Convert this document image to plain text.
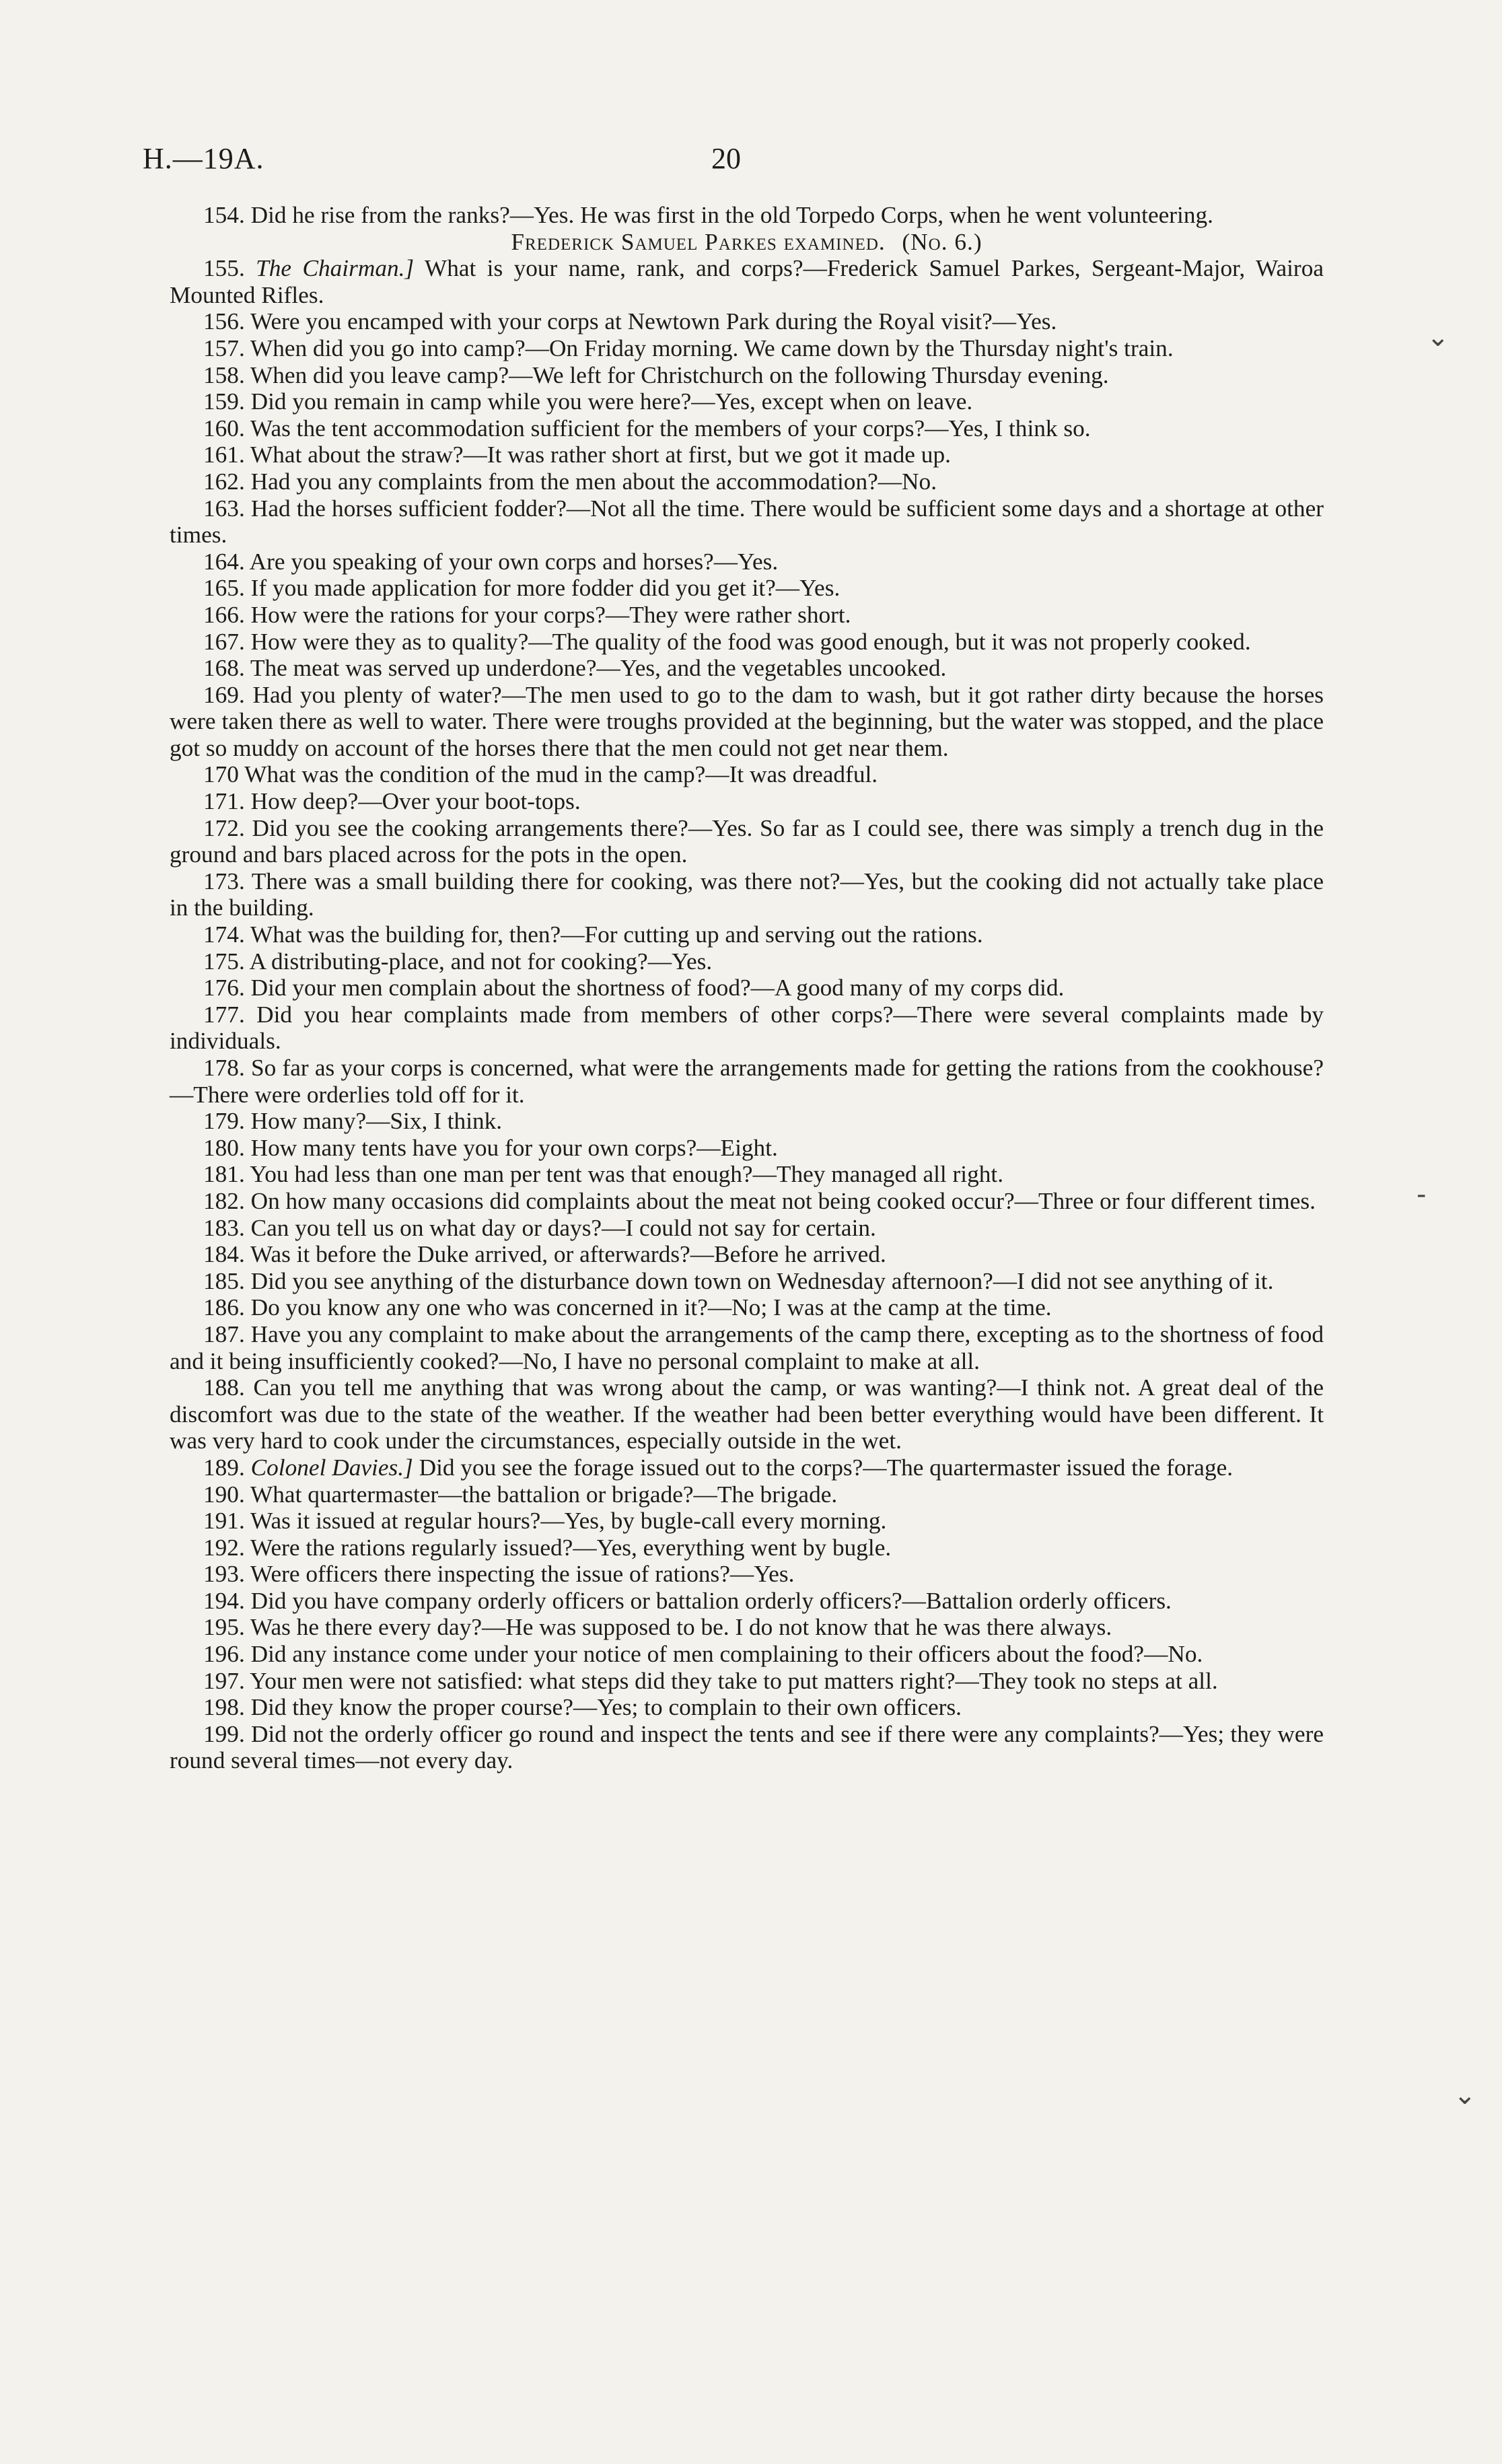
H.—19A.	20

154. Did he rise from the ranks?—Yes. He was first in the old Torpedo Corps, when he went volunteering.

Frederick Samuel Parkes examined. (No. 6.)

155. The Chairman.] What is your name, rank, and corps?—Frederick Samuel Parkes, Sergeant-Major, Wairoa Mounted Rifles.

156. Were you encamped with your corps at Newtown Park during the Royal visit?—Yes.

157. When did you go into camp?—On Friday morning. We came down by the Thursday night's train.

158. When did you leave camp?—We left for Christchurch on the following Thursday evening.

159. Did you remain in camp while you were here?—Yes, except when on leave.

160. Was the tent accommodation sufficient for the members of your corps?—Yes, I think so.

161. What about the straw?—It was rather short at first, but we got it made up.

162. Had you any complaints from the men about the accommodation?—No.

163. Had the horses sufficient fodder?—Not all the time. There would be sufficient some days and a shortage at other times.

164. Are you speaking of your own corps and horses?—Yes.

165. If you made application for more fodder did you get it?—Yes.

166. How were the rations for your corps?—They were rather short.

167. How were they as to quality?—The quality of the food was good enough, but it was not properly cooked.

168. The meat was served up underdone?—Yes, and the vegetables uncooked.

169. Had you plenty of water?—The men used to go to the dam to wash, but it got rather dirty because the horses were taken there as well to water. There were troughs provided at the beginning, but the water was stopped, and the place got so muddy on account of the horses there that the men could not get near them.

170 What was the condition of the mud in the camp?—It was dreadful.

171. How deep?—Over your boot-tops.

172. Did you see the cooking arrangements there?—Yes. So far as I could see, there was simply a trench dug in the ground and bars placed across for the pots in the open.

173. There was a small building there for cooking, was there not?—Yes, but the cooking did not actually take place in the building.

174. What was the building for, then?—For cutting up and serving out the rations.

175. A distributing-place, and not for cooking?—Yes.

176. Did your men complain about the shortness of food?—A good many of my corps did.

177. Did you hear complaints made from members of other corps?—There were several complaints made by individuals.

178. So far as your corps is concerned, what were the arrangements made for getting the rations from the cookhouse?—There were orderlies told off for it.

179. How many?—Six, I think.

180. How many tents have you for your own corps?—Eight.

181. You had less than one man per tent was that enough?—They managed all right.

182. On how many occasions did complaints about the meat not being cooked occur?—Three or four different times.

183. Can you tell us on what day or days?—I could not say for certain.

184. Was it before the Duke arrived, or afterwards?—Before he arrived.

185. Did you see anything of the disturbance down town on Wednesday afternoon?—I did not see anything of it.

186. Do you know any one who was concerned in it?—No; I was at the camp at the time.

187. Have you any complaint to make about the arrangements of the camp there, excepting as to the shortness of food and it being insufficiently cooked?—No, I have no personal complaint to make at all.

188. Can you tell me anything that was wrong about the camp, or was wanting?—I think not. A great deal of the discomfort was due to the state of the weather. If the weather had been better everything would have been different. It was very hard to cook under the circumstances, especially outside in the wet.

189. Colonel Davies.] Did you see the forage issued out to the corps?—The quartermaster issued the forage.

190. What quartermaster—the battalion or brigade?—The brigade.

191. Was it issued at regular hours?—Yes, by bugle-call every morning.

192. Were the rations regularly issued?—Yes, everything went by bugle.

193. Were officers there inspecting the issue of rations?—Yes.

194. Did you have company orderly officers or battalion orderly officers?—Battalion orderly officers.

195. Was he there every day?—He was supposed to be. I do not know that he was there always.

196. Did any instance come under your notice of men complaining to their officers about the food?—No.

197. Your men were not satisfied: what steps did they take to put matters right?—They took no steps at all.

198. Did they know the proper course?—Yes; to complain to their own officers.

199. Did not the orderly officer go round and inspect the tents and see if there were any complaints?—Yes; they were round several times—not every day.

⌄
-
⌄
